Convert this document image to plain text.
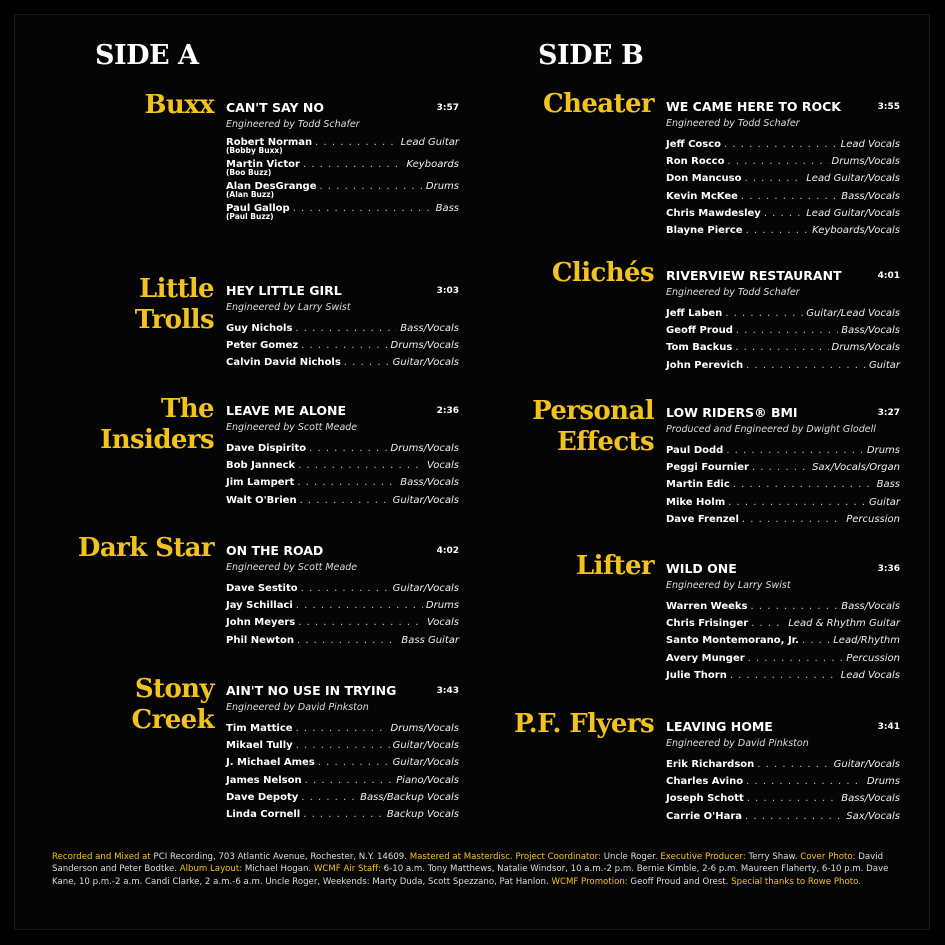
SIDE A	SIDE B
Buxx CAN'T SAY NO	3:57
Engineered by Todd Schafer
Robert Norman . . .	Lead Guitar
(Bobby Buxx)
Martin Victor . . .	Keyboards
(Boo Buzz)
Alan DesGrange . . .	Drums
(Alan Buzz)
Paul Gallop . . .	Bass
(Paul Buzz)
Little
Trolls
HEY LITTLE GIRL	3:03
Engineered by Larry Swist
Guy Nichols . . .	Bass/Vocals
Peter Gomez . . .	Drums/Vocals
Calvin David Nichols . . .	Guitar/Vocals
The
Insiders
LEAVE ME ALONE	2:36
Engineered by Scott Meade
Dave Dispirito . . .	Drums/Vocals
Bob Janneck . . .	Vocals
Jim Lampert . . .	Bass/Vocals
Walt O'Brien . . .	Guitar/Vocals
Dark Star ON THE ROAD	4:02
Engineered by Scott Meade
Dave Sestito . . .	Guitar/Vocals
Jay Schillaci . . .	Drums
John Meyers . . .	Vocals
Phil Newton . . .	Bass Guitar
Stony
Creek
AIN'T NO USE IN TRYING	3:43
Engineered by David Pinkston
Tim Mattice . . .	Drums/Vocals
Mikael Tully . . .	Guitar/Vocals
J. Michael Ames . . .	Guitar/Vocals
James Nelson . . .	Piano/Vocals
Dave Depoty . . .	Bass/Backup Vocals
Linda Cornell . . .	Backup Vocals
Cheater WE CAME HERE TO ROCK	3:55
Engineered by Todd Schafer
Jeff Cosco . . .	Lead Vocals
Ron Rocco . . .	Drums/Vocals
Don Mancuso . . .	Lead Guitar/Vocals
Kevin McKee . . .	Bass/Vocals
Chris Mawdesley . . .	Lead Guitar/Vocals
Blayne Pierce . . .	Keyboards/Vocals
Clichés RIVERVIEW RESTAURANT	4:01
Engineered by Todd Schafer
Jeff Laben . . .	Guitar/Lead Vocals
Geoff Proud . . .	Bass/Vocals
Tom Backus . . .	Drums/Vocals
John Perevich . . .	Guitar
Personal
Effects
LOW RIDERS® BMI	3:27
Produced and Engineered by Dwight Glodell
Paul Dodd . . .	Drums
Peggi Fournier . . .	Sax/Vocals/Organ
Martin Edic . . .	Bass
Mike Holm . . .	Guitar
Dave Frenzel . . .	Percussion
Lifter WILD ONE	3:36
Engineered by Larry Swist
Warren Weeks . . .	Bass/Vocals
Chris Frisinger . . .	Lead & Rhythm Guitar
Santo Montemorano, Jr. . . .	Lead/Rhythm
Avery Munger . . .	Percussion
Julie Thorn . . .	Lead Vocals
P.F. Flyers LEAVING HOME	3:41
Engineered by David Pinkston
Erik Richardson . . .	Guitar/Vocals
Charles Avino . . .	Drums
Joseph Schott . . .	Bass/Vocals
Carrie O'Hara . . .	Sax/Vocals
Recorded and Mixed at PCI Recording, 703 Atlantic Avenue, Rochester, N.Y. 14609. Mastered at Masterdisc. Project Coordinator: Uncle Roger. Executive Producer: Terry Shaw. Cover Photo: David Sanderson and Peter Bodtke. Album Layout: Michael Hogan. WCMF Air Staff: 6-10 a.m. Tony Matthews, Natalie Windsor, 10 a.m.-2 p.m. Bernie Kimble, 2-6 p.m. Maureen Flaherty, 6-10 p.m. Dave Kane, 10 p.m.-2 a.m. Candi Clarke, 2 a.m.-6 a.m. Uncle Roger, Weekends: Marty Duda, Scott Spezzano, Pat Hanlon. WCMF Promotion: Geoff Proud and Orest. Special thanks to Rowe Photo.
